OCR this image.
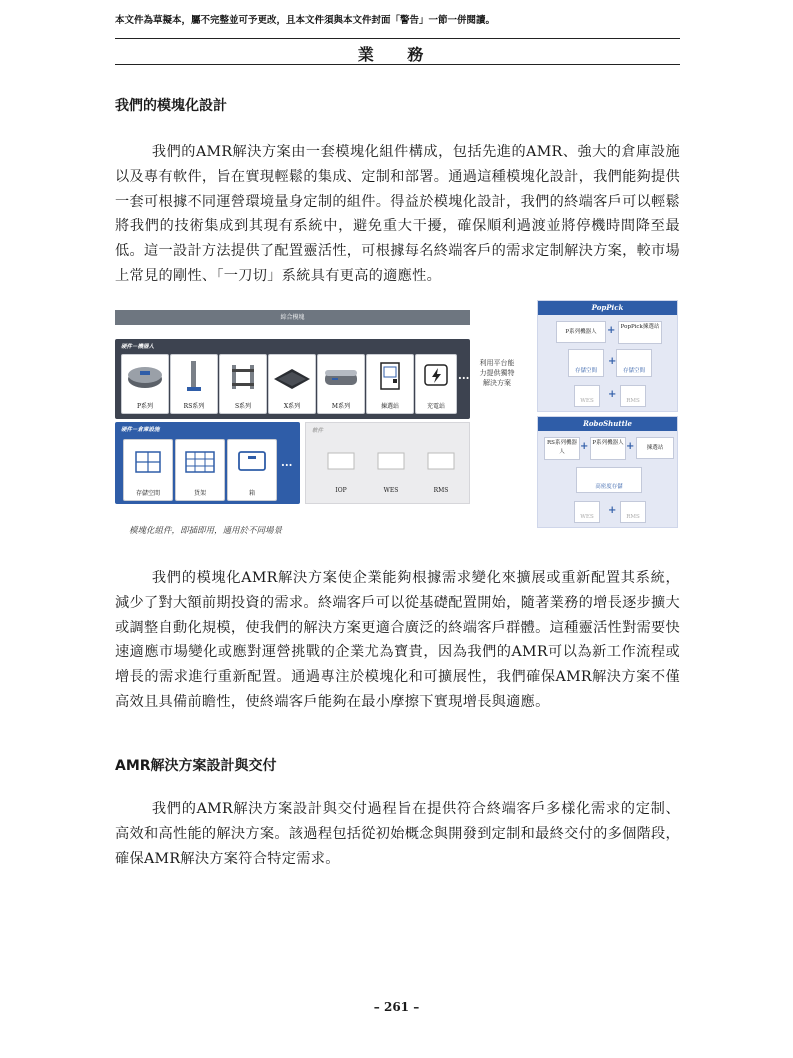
本文件為草擬本，屬不完整並可予更改，且本文件須與本文件封面「警告」一節一併閱讀。
業 務
我們的模塊化設計

我們的AMR解決方案由一套模塊化組件構成，包括先進的AMR、強大的倉庫設施以及專有軟件，旨在實現輕鬆的集成、定制和部署。通過這種模塊化設計，我們能夠提供一套可根據不同運營環境量身定制的組件。得益於模塊化設計，我們的終端客戶可以輕鬆將我們的技術集成到其現有系統中，避免重大干擾，確保順利過渡並將停機時間降至最低。這一設計方法提供了配置靈活性，可根據每名終端客戶的需求定制解決方案，較市場上常見的剛性、「一刀切」系統具有更高的適應性。

綜合模塊
硬件－機器人
P系列	RS系列	S系列	X系列	M系列	揀選站	充電站
...
硬件－倉庫設施
存儲空間	貨架	箱
...
軟件
IOP	WES	RMS
利用平台能力提供獨特解決方案
PopPick
P系列機器人	+ PopPick揀選站
存儲空間
+
存儲空間
WES
+
RMS
RoboShuttle
RS系列機器人	+ P系列機器人 +	揀選站
高密度存儲
WES
+
RMS
模塊化組件，即插即用，適用於不同場景

我們的模塊化AMR解決方案使企業能夠根據需求變化來擴展或重新配置其系統，減少了對大額前期投資的需求。終端客戶可以從基礎配置開始，隨著業務的增長逐步擴大或調整自動化規模，使我們的解決方案更適合廣泛的終端客戶群體。這種靈活性對需要快速適應市場變化或應對運營挑戰的企業尤為寶貴，因為我們的AMR可以為新工作流程或增長的需求進行重新配置。通過專注於模塊化和可擴展性，我們確保AMR解決方案不僅高效且具備前瞻性，使終端客戶能夠在最小摩擦下實現增長與適應。

AMR解決方案設計與交付

我們的AMR解決方案設計與交付過程旨在提供符合終端客戶多樣化需求的定制、高效和高性能的解決方案。該過程包括從初始概念與開發到定制和最終交付的多個階段，確保AMR解決方案符合特定需求。

– 261 –
